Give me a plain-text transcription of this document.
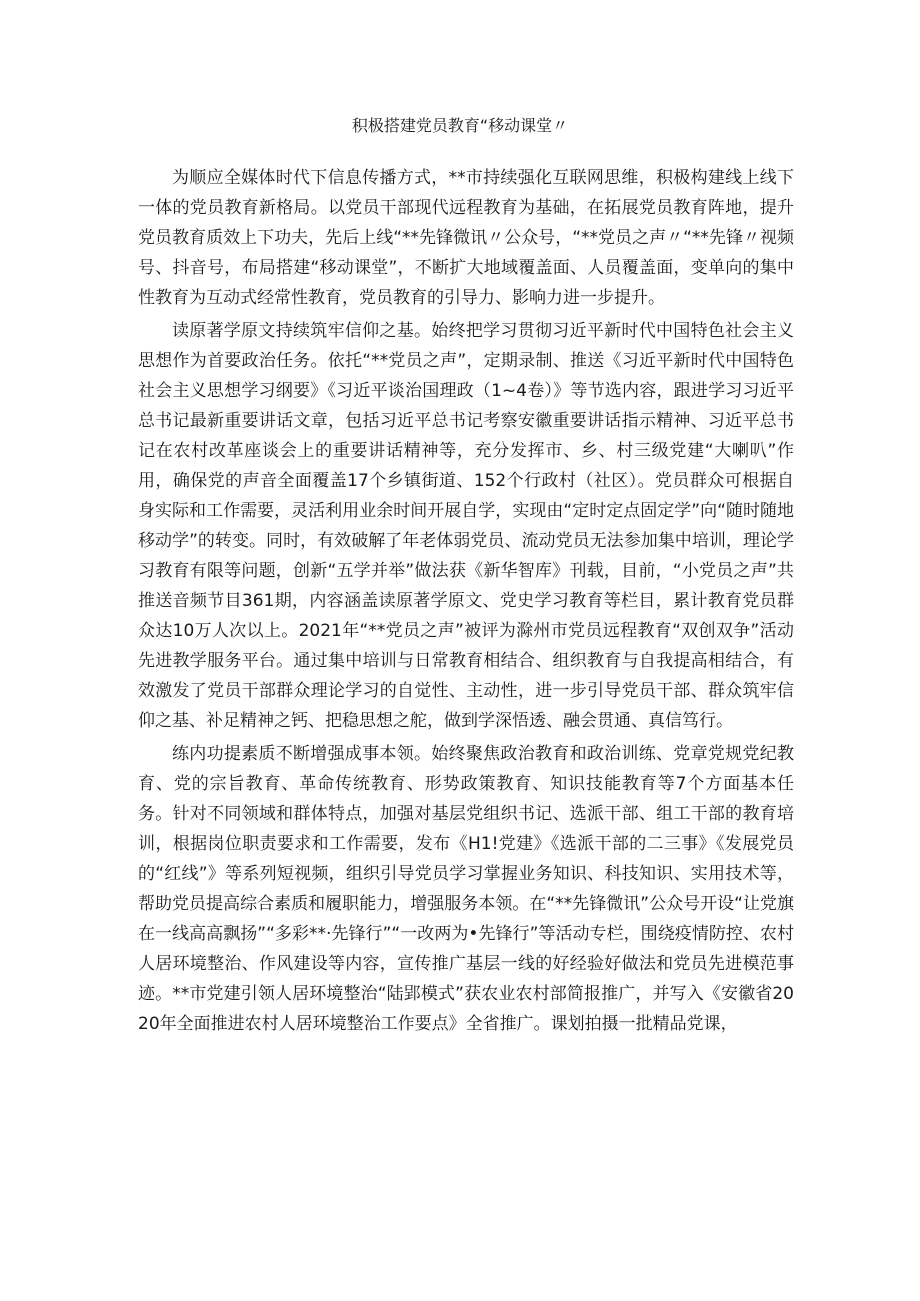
积极搭建党员教育“移动课堂〃

为顺应全媒体时代下信息传播方式，**市持续强化互联网思维，积极构建线上线下一体的党员教育新格局。以党员干部现代远程教育为基础，在拓展党员教育阵地，提升党员教育质效上下功夫，先后上线“**先锋微讯〃公众号，“**党员之声〃“**先锋〃视频号、抖音号，布局搭建“移动课堂”，不断扩大地域覆盖面、人员覆盖面，变单向的集中性教育为互动式经常性教育，党员教育的引导力、影响力进一步提升。

读原著学原文持续筑牢信仰之基。始终把学习贯彻习近平新时代中国特色社会主义思想作为首要政治任务。依托“**党员之声”，定期录制、推送《习近平新时代中国特色社会主义思想学习纲要》《习近平谈治国理政（1~4卷）》等节选内容，跟进学习习近平总书记最新重要讲话文章，包括习近平总书记考察安徽重要讲话指示精神、习近平总书记在农村改革座谈会上的重要讲话精神等，充分发挥市、乡、村三级党建“大喇叭”作用，确保党的声音全面覆盖17个乡镇街道、152个行政村（社区）。党员群众可根据自身实际和工作需要，灵活利用业余时间开展自学，实现由“定时定点固定学”向“随时随地移动学”的转变。同时，有效破解了年老体弱党员、流动党员无法参加集中培训，理论学习教育有限等问题，创新“五学并举”做法获《新华智库》刊载，目前，“小党员之声”共推送音频节目361期，内容涵盖读原著学原文、党史学习教育等栏目，累计教育党员群众达10万人次以上。2021年“**党员之声”被评为滁州市党员远程教育“双创双争”活动先进教学服务平台。通过集中培训与日常教育相结合、组织教育与自我提高相结合，有效激发了党员干部群众理论学习的自觉性、主动性，进一步引导党员干部、群众筑牢信仰之基、补足精神之钙、把稳思想之舵，做到学深悟透、融会贯通、真信笃行。

练内功提素质不断增强成事本领。始终聚焦政治教育和政治训练、党章党规党纪教育、党的宗旨教育、革命传统教育、形势政策教育、知识技能教育等7个方面基本任务。针对不同领域和群体特点，加强对基层党组织书记、选派干部、组工干部的教育培训，根据岗位职责要求和工作需要，发布《H1!党建》《选派干部的二三事》《发展党员的“红线”》等系列短视频，组织引导党员学习掌握业务知识、科技知识、实用技术等，帮助党员提高综合素质和履职能力，增强服务本领。在“**先锋微讯”公众号开设“让党旗在一线高高飘扬”“多彩**·先锋行”“一改两为•先锋行”等活动专栏，围绕疫情防控、农村人居环境整治、作风建设等内容，宣传推广基层一线的好经验好做法和党员先进模范事迹。**市党建引领人居环境整治“陆郢模式”获农业农村部简报推广，并写入《安徽省2020年全面推进农村人居环境整治工作要点》全省推广。课划拍摄一批精品党课，
